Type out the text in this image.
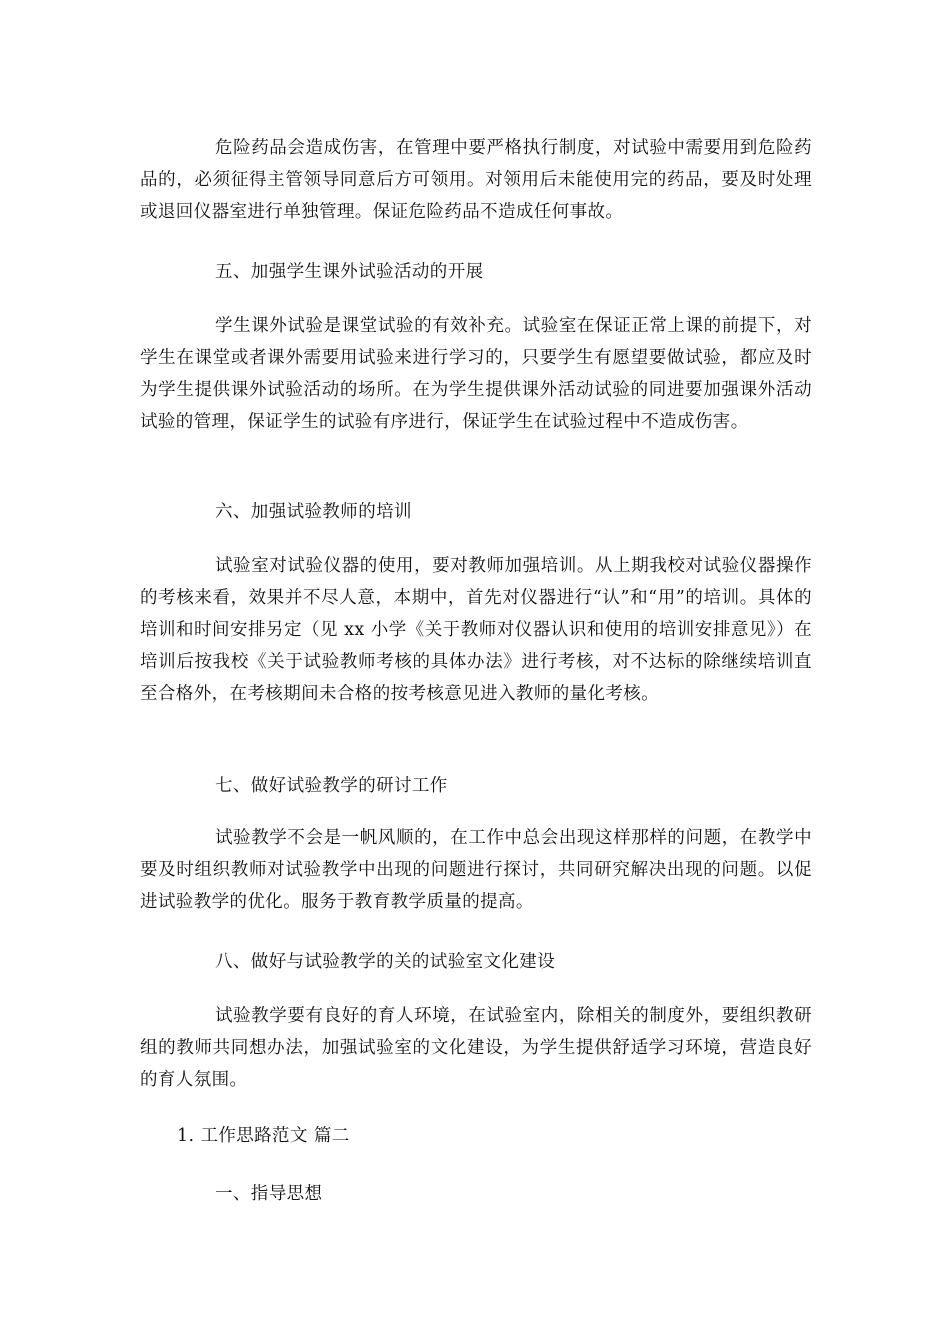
危险药品会造成伤害，在管理中要严格执行制度，对试验中需要用到危险药品的，必须征得主管领导同意后方可领用。对领用后未能使用完的药品，要及时处理或退回仪器室进行单独管理。保证危险药品不造成任何事故。

五、加强学生课外试验活动的开展

学生课外试验是课堂试验的有效补充。试验室在保证正常上课的前提下，对学生在课堂或者课外需要用试验来进行学习的，只要学生有愿望要做试验，都应及时为学生提供课外试验活动的场所。在为学生提供课外活动试验的同进要加强课外活动试验的管理，保证学生的试验有序进行，保证学生在试验过程中不造成伤害。

六、加强试验教师的培训

试验室对试验仪器的使用，要对教师加强培训。从上期我校对试验仪器操作的考核来看，效果并不尽人意，本期中，首先对仪器进行“认”和“用”的培训。具体的培训和时间安排另定（见 xx 小学《关于教师对仪器认识和使用的培训安排意见》）在培训后按我校《关于试验教师考核的具体办法》进行考核，对不达标的除继续培训直至合格外，在考核期间未合格的按考核意见进入教师的量化考核。

七、做好试验教学的研讨工作

试验教学不会是一帆风顺的，在工作中总会出现这样那样的问题，在教学中要及时组织教师对试验教学中出现的问题进行探讨，共同研究解决出现的问题。以促进试验教学的优化。服务于教育教学质量的提高。

八、做好与试验教学的关的试验室文化建设

试验教学要有良好的育人环境，在试验室内，除相关的制度外，要组织教研组的教师共同想办法，加强试验室的文化建设，为学生提供舒适学习环境，营造良好的育人氛围。

1. 工作思路范文 篇二

一、指导思想
